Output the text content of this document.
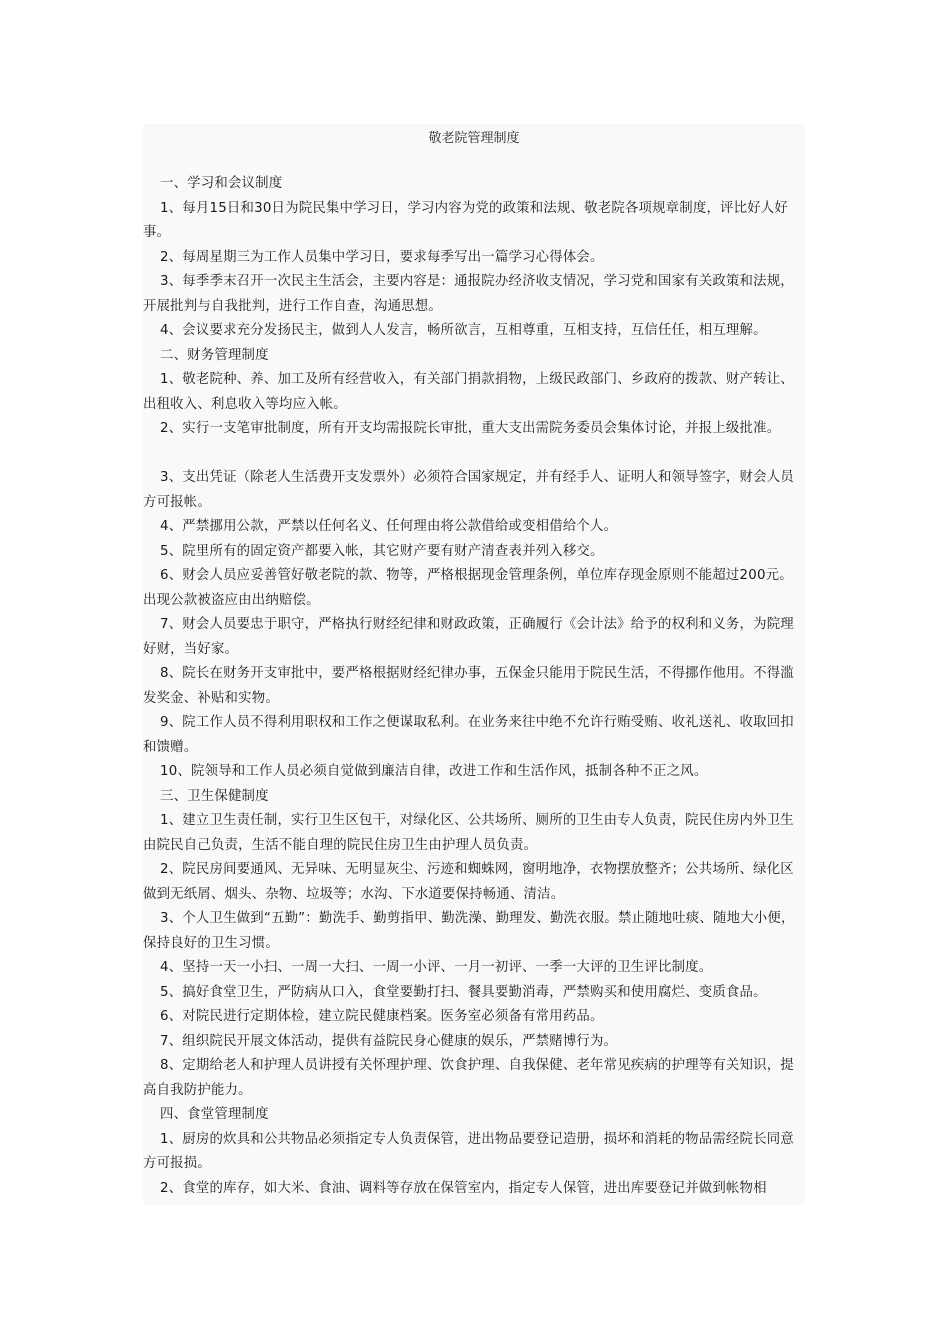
敬老院管理制度

一、学习和会议制度

1、每月15日和30日为院民集中学习日，学习内容为党的政策和法规、敬老院各项规章制度，评比好人好事。

2、每周星期三为工作人员集中学习日，要求每季写出一篇学习心得体会。

3、每季季末召开一次民主生活会，主要内容是：通报院办经济收支情况，学习党和国家有关政策和法规，开展批判与自我批判，进行工作自查，沟通思想。

4、会议要求充分发扬民主，做到人人发言，畅所欲言，互相尊重，互相支持，互信任任，相互理解。

二、财务管理制度

1、敬老院种、养、加工及所有经营收入，有关部门捐款捐物，上级民政部门、乡政府的拨款、财产转让、出租收入、利息收入等均应入帐。

2、实行一支笔审批制度，所有开支均需报院长审批，重大支出需院务委员会集体讨论，并报上级批准。

3、支出凭证（除老人生活费开支发票外）必须符合国家规定，并有经手人、证明人和领导签字，财会人员方可报帐。

4、严禁挪用公款，严禁以任何名义、任何理由将公款借给或变相借给个人。

5、院里所有的固定资产都要入帐，其它财产要有财产清查表并列入移交。

6、财会人员应妥善管好敬老院的款、物等，严格根据现金管理条例，单位库存现金原则不能超过200元。出现公款被盗应由出纳赔偿。

7、财会人员要忠于职守，严格执行财经纪律和财政政策，正确履行《会计法》给予的权利和义务，为院理好财，当好家。

8、院长在财务开支审批中，要严格根据财经纪律办事，五保金只能用于院民生活，不得挪作他用。不得滥发奖金、补贴和实物。

9、院工作人员不得利用职权和工作之便谋取私利。在业务来往中绝不允许行贿受贿、收礼送礼、收取回扣和馈赠。

10、院领导和工作人员必须自觉做到廉洁自律，改进工作和生活作风，抵制各种不正之风。

三、卫生保健制度

1、建立卫生责任制，实行卫生区包干，对绿化区、公共场所、厕所的卫生由专人负责，院民住房内外卫生由院民自己负责，生活不能自理的院民住房卫生由护理人员负责。

2、院民房间要通风、无异味、无明显灰尘、污迹和蜘蛛网，窗明地净，衣物摆放整齐；公共场所、绿化区做到无纸屑、烟头、杂物、垃圾等；水沟、下水道要保持畅通、清洁。

3、个人卫生做到“五勤”：勤洗手、勤剪指甲、勤洗澡、勤理发、勤洗衣服。禁止随地吐痰、随地大小便，保持良好的卫生习惯。

4、坚持一天一小扫、一周一大扫、一周一小评、一月一初评、一季一大评的卫生评比制度。

5、搞好食堂卫生，严防病从口入，食堂要勤打扫、餐具要勤消毒，严禁购买和使用腐烂、变质食品。

6、对院民进行定期体检，建立院民健康档案。医务室必须备有常用药品。

7、组织院民开展文体活动，提供有益院民身心健康的娱乐，严禁赌博行为。

8、定期给老人和护理人员讲授有关怀理护理、饮食护理、自我保健、老年常见疾病的护理等有关知识，提高自我防护能力。

四、食堂管理制度

1、厨房的炊具和公共物品必须指定专人负责保管，进出物品要登记造册，损坏和消耗的物品需经院长同意方可报损。

2、食堂的库存，如大米、食油、调料等存放在保管室内，指定专人保管，进出库要登记并做到帐物相
